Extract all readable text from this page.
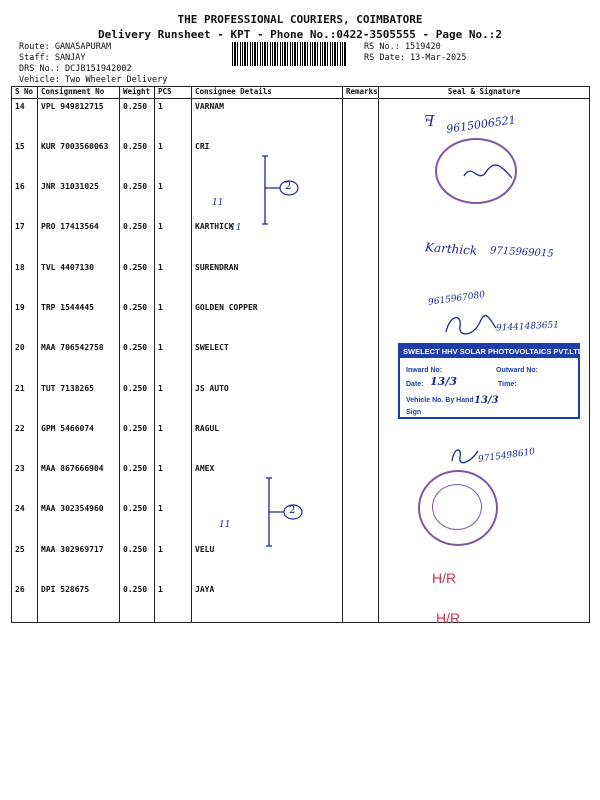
THE PROFESSIONAL COURIERS, COIMBATORE
Delivery Runsheet - KPT - Phone No.:0422-3505555 - Page No.:2
Route: GANASAPURAM
Staff: SANJAY
DRS No.: DCJB151942002
Vehicle: Two Wheeler Delivery
RS No.: 1519420
RS Date: 13-Mar-2025
S No	Consignment No	Weight	PCS	Consignee Details	Remarks	Seal & Signature
14	VPL 949812715	0.250	1	VARNAM		
15	KUR 7003560063	0.250	1	CRI		
16	JNR 31031025	0.250	1			
17	PRO 17413564	0.250	1	KARTHICK		
18	TVL 4407130	0.250	1	SURENDRAN		
19	TRP 1544445	0.250	1	GOLDEN COPPER		
20	MAA 706542758	0.250	1	SWELECT		
21	TUT 7138265	0.250	1	JS AUTO		
22	GPM 5466074	0.250	1	RAGUL		
23	MAA 867666904	0.250	1	AMEX		
24	MAA 302354960	0.250	1			
25	MAA 302969717	0.250	1	VELU		
26	DPI 528675	0.250	1	JAYA		
ꟻ 9615006521
11
11
Karthick 9715969015
9615967080
91441483651
9715498610
11
H/R
H/R
2
2
SWELECT HHV SOLAR PHOTOVOLTAICS PVT.LTD.
Inward No:	Outward No:
Date:	Time:
Vehicle No. By Hand
Sign
13/3
13/3
